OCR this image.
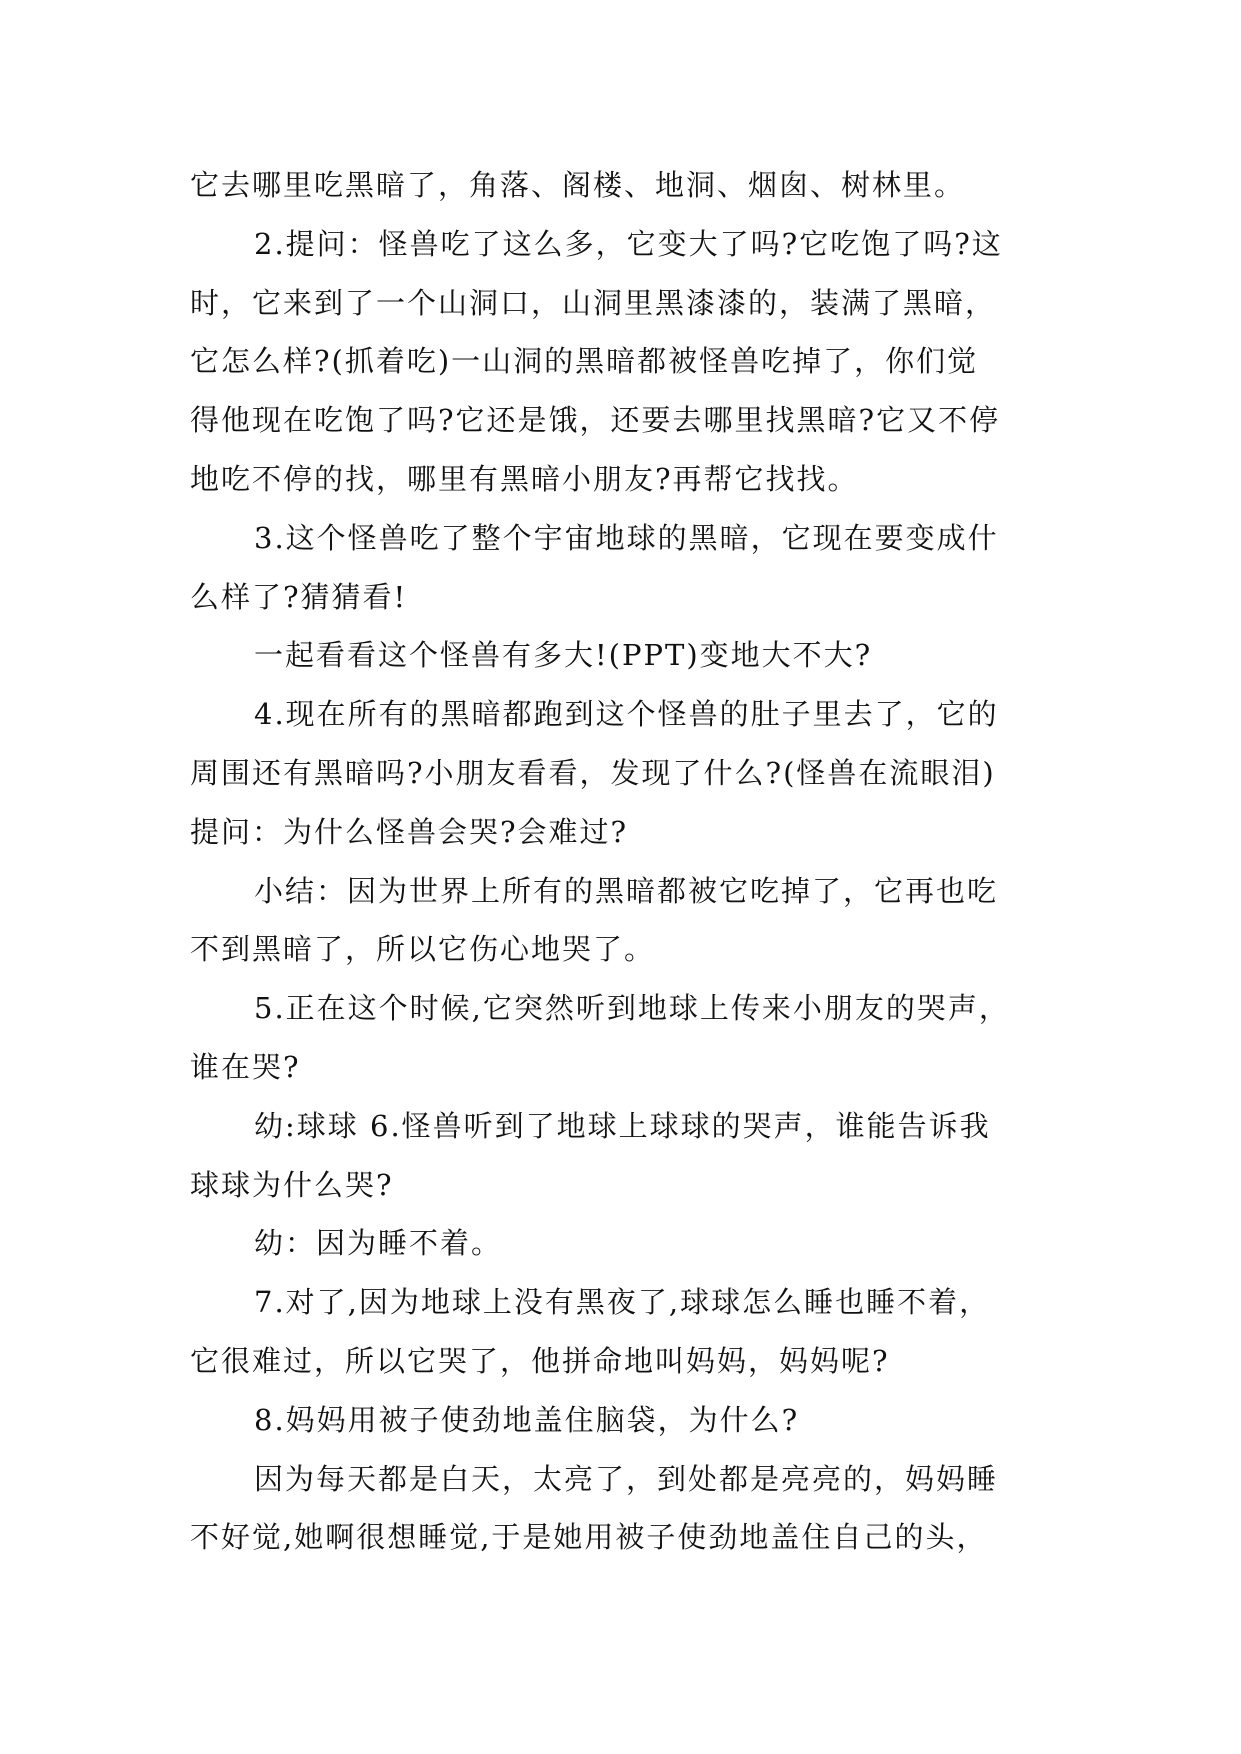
它去哪里吃黑暗了，角落、阁楼、地洞、烟囱、树林里。
2.提问：怪兽吃了这么多，它变大了吗?它吃饱了吗?这
时，它来到了一个山洞口，山洞里黑漆漆的，装满了黑暗，
它怎么样?(抓着吃)一山洞的黑暗都被怪兽吃掉了，你们觉
得他现在吃饱了吗?它还是饿，还要去哪里找黑暗?它又不停
地吃不停的找，哪里有黑暗小朋友?再帮它找找。
3.这个怪兽吃了整个宇宙地球的黑暗，它现在要变成什
么样了?猜猜看!
一起看看这个怪兽有多大!(PPT)变地大不大?
4.现在所有的黑暗都跑到这个怪兽的肚子里去了，它的
周围还有黑暗吗?小朋友看看，发现了什么?(怪兽在流眼泪)
提问：为什么怪兽会哭?会难过?
小结：因为世界上所有的黑暗都被它吃掉了，它再也吃
不到黑暗了，所以它伤心地哭了。
5.正在这个时候,它突然听到地球上传来小朋友的哭声，
谁在哭?
幼:球球 6.怪兽听到了地球上球球的哭声，谁能告诉我
球球为什么哭?
幼：因为睡不着。
7.对了,因为地球上没有黑夜了,球球怎么睡也睡不着，
它很难过，所以它哭了，他拼命地叫妈妈，妈妈呢?
8.妈妈用被子使劲地盖住脑袋，为什么?
因为每天都是白天，太亮了，到处都是亮亮的，妈妈睡
不好觉,她啊很想睡觉,于是她用被子使劲地盖住自己的头，
